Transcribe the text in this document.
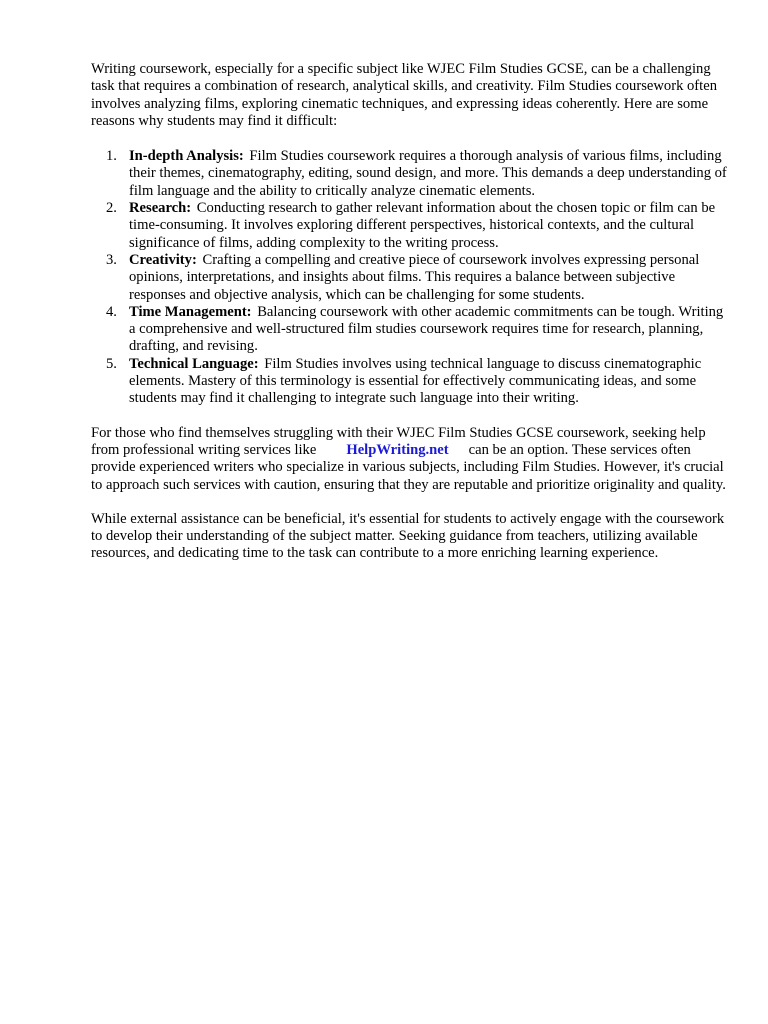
Writing coursework, especially for a specific subject like WJEC Film Studies GCSE, can be a challenging task that requires a combination of research, analytical skills, and creativity. Film Studies coursework often involves analyzing films, exploring cinematic techniques, and expressing ideas coherently. Here are some reasons why students may find it difficult:

1. In-depth Analysis: Film Studies coursework requires a thorough analysis of various films, including their themes, cinematography, editing, sound design, and more. This demands a deep understanding of film language and the ability to critically analyze cinematic elements.
2. Research: Conducting research to gather relevant information about the chosen topic or film can be time-consuming. It involves exploring different perspectives, historical contexts, and the cultural significance of films, adding complexity to the writing process.
3. Creativity: Crafting a compelling and creative piece of coursework involves expressing personal opinions, interpretations, and insights about films. This requires a balance between subjective responses and objective analysis, which can be challenging for some students.
4. Time Management: Balancing coursework with other academic commitments can be tough. Writing a comprehensive and well-structured film studies coursework requires time for research, planning, drafting, and revising.
5. Technical Language: Film Studies involves using technical language to discuss cinematographic elements. Mastery of this terminology is essential for effectively communicating ideas, and some students may find it challenging to integrate such language into their writing.

For those who find themselves struggling with their WJEC Film Studies GCSE coursework, seeking help from professional writing services like HelpWriting.net can be an option. These services often provide experienced writers who specialize in various subjects, including Film Studies. However, it's crucial to approach such services with caution, ensuring that they are reputable and prioritize originality and quality.

While external assistance can be beneficial, it's essential for students to actively engage with the coursework to develop their understanding of the subject matter. Seeking guidance from teachers, utilizing available resources, and dedicating time to the task can contribute to a more enriching learning experience.
